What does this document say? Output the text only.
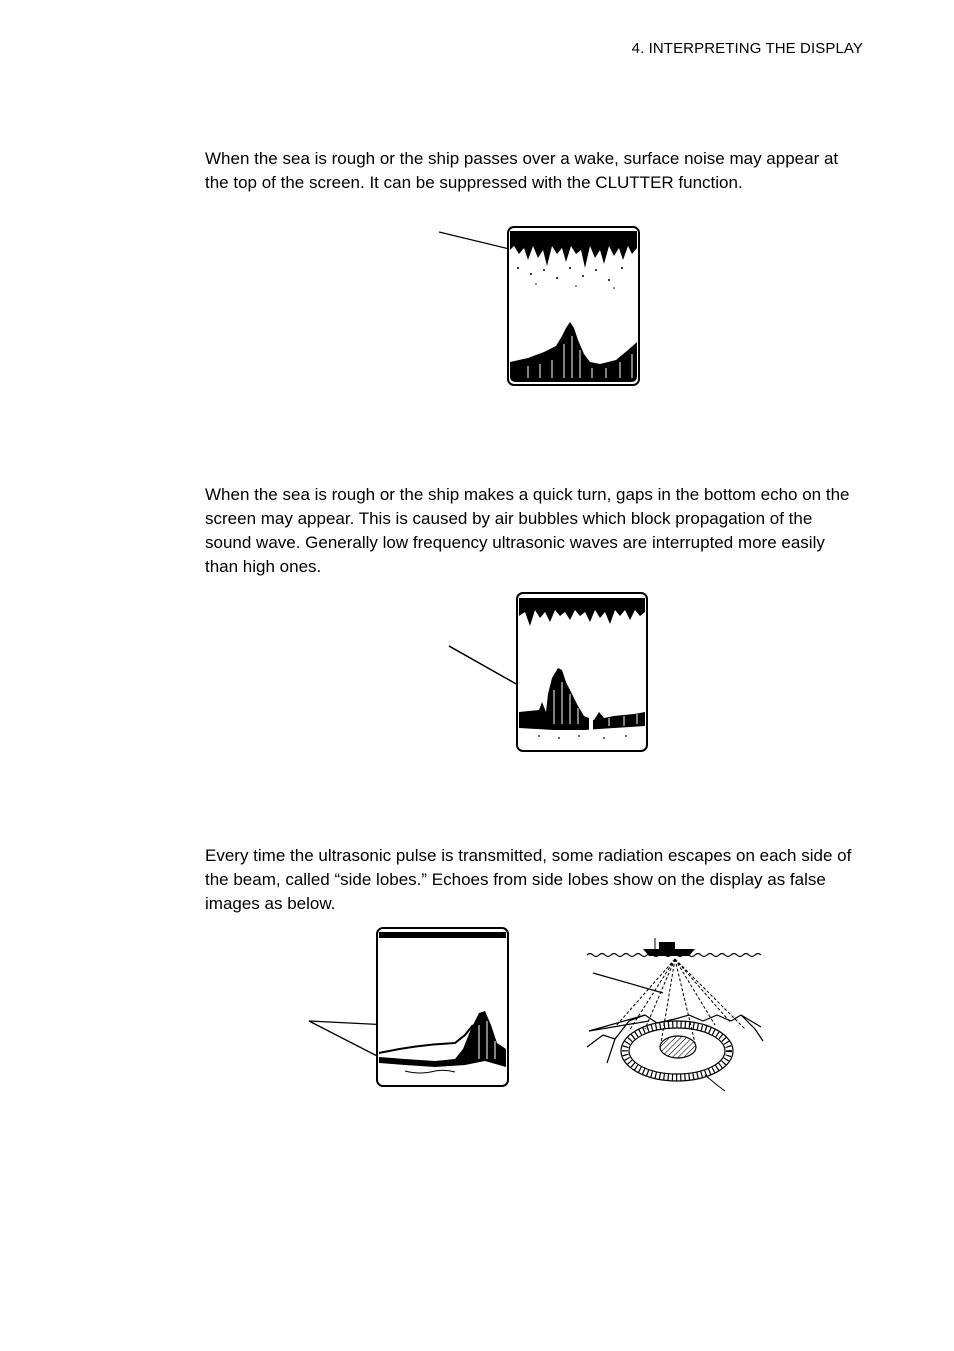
4. INTERPRETING THE DISPLAY
When the sea is rough or the ship passes over a wake, surface noise may appear at the top of the screen. It can be suppressed with the CLUTTER function.
When the sea is rough or the ship makes a quick turn, gaps in the bottom echo on the screen may appear. This is caused by air bubbles which block propagation of the sound wave. Generally low frequency ultrasonic waves are interrupted more easily than high ones.
Every time the ultrasonic pulse is transmitted, some radiation escapes on each side of the beam, called “side lobes.” Echoes from side lobes show on the display as false images as below.
